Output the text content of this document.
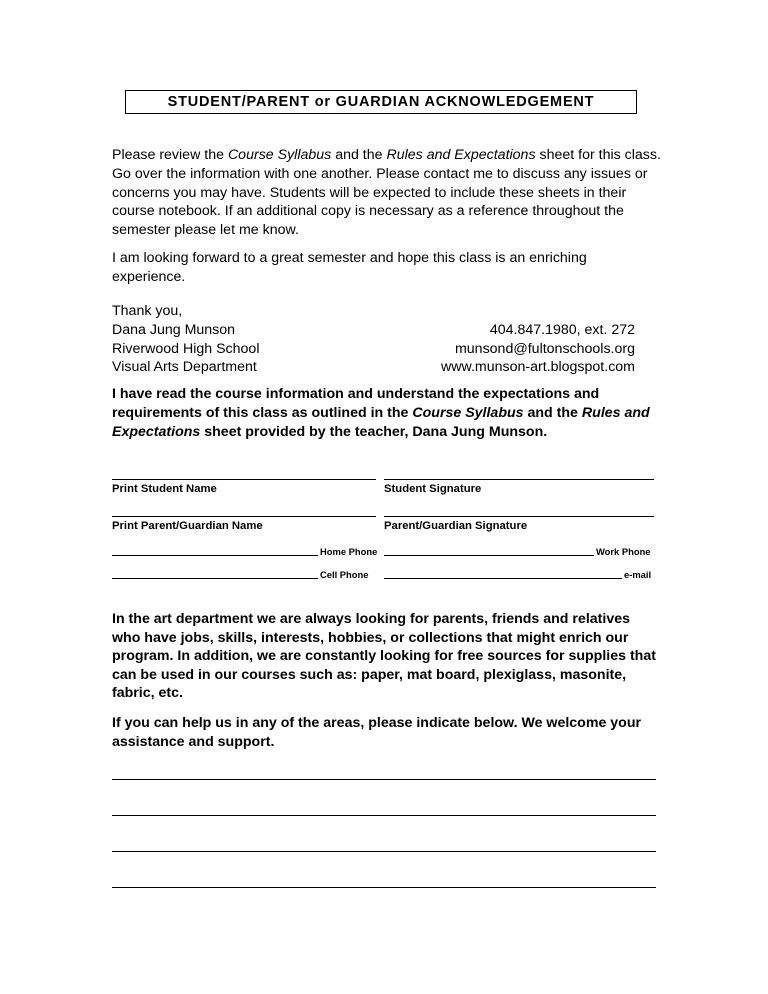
STUDENT/PARENT or GUARDIAN ACKNOWLEDGEMENT
Please review the Course Syllabus and the Rules and Expectations sheet for this class. Go over the information with one another. Please contact me to discuss any issues or concerns you may have. Students will be expected to include these sheets in their course notebook. If an additional copy is necessary as a reference throughout the semester please let me know.
I am looking forward to a great semester and hope this class is an enriching experience.
Thank you,
Dana Jung Munson	404.847.1980, ext. 272
Riverwood High School	munsond@fultonschools.org
Visual Arts Department	www.munson-art.blogspot.com
I have read the course information and understand the expectations and requirements of this class as outlined in the Course Syllabus and the Rules and Expectations sheet provided by the teacher, Dana Jung Munson.
Print Student Name	Student Signature
Print Parent/Guardian Name	Parent/Guardian Signature
Home Phone	Work Phone
Cell Phone	e-mail
In the art department we are always looking for parents, friends and relatives who have jobs, skills, interests, hobbies, or collections that might enrich our program. In addition, we are constantly looking for free sources for supplies that can be used in our courses such as: paper, mat board, plexiglass, masonite, fabric, etc.
If you can help us in any of the areas, please indicate below. We welcome your assistance and support.
